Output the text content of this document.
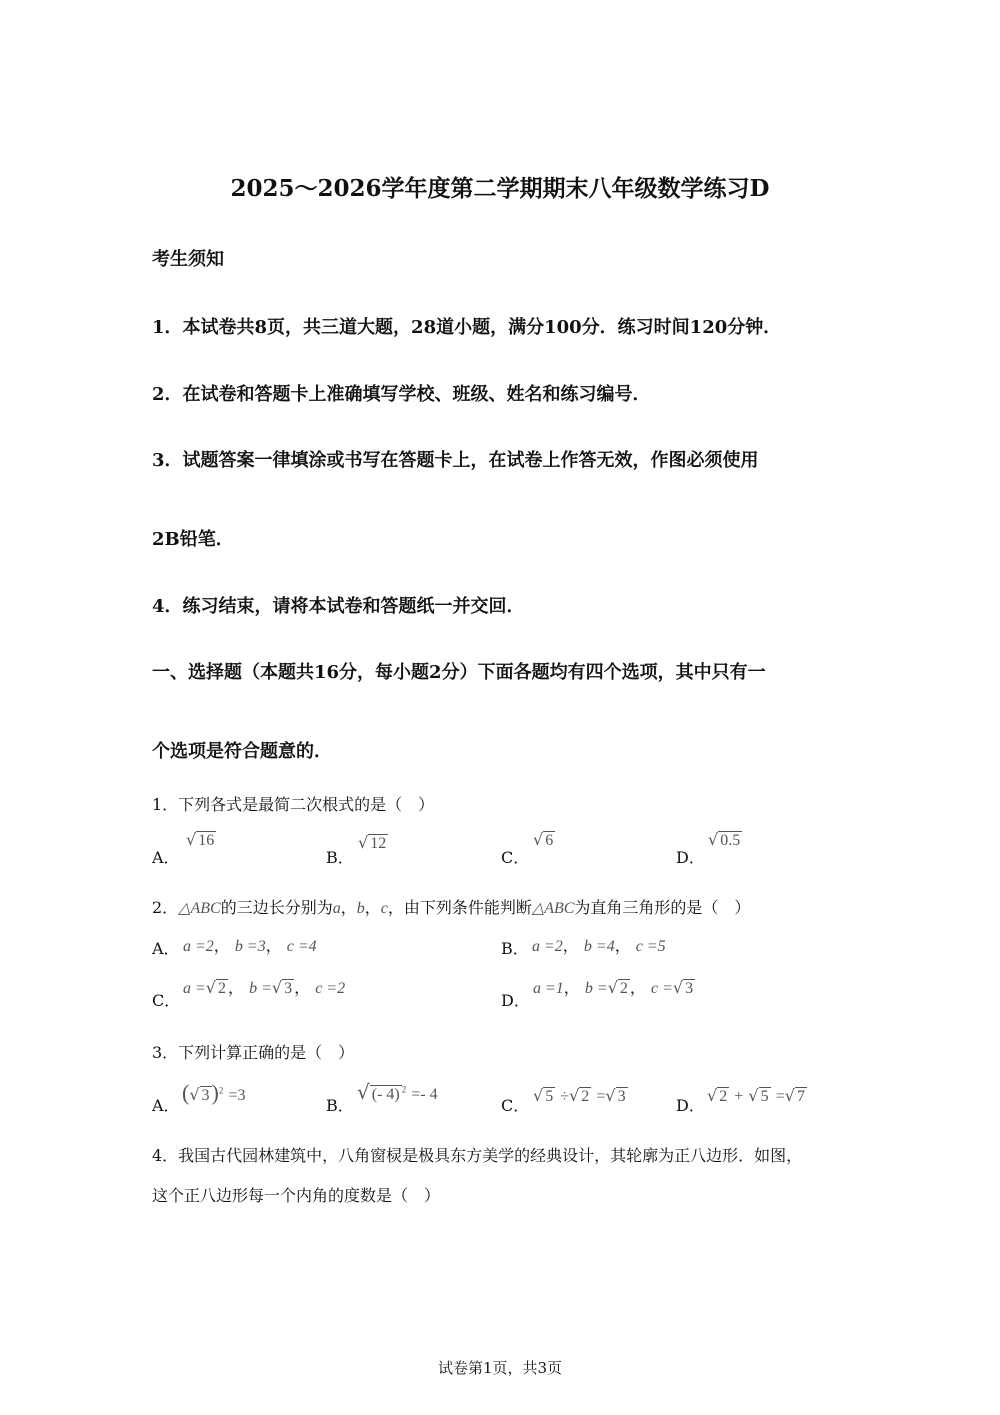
2025～2026学年度第二学期期末八年级数学练习D
考生须知
1．本试卷共8页，共三道大题，28道小题，满分100分．练习时间120分钟．
2．在试卷和答题卡上准确填写学校、班级、姓名和练习编号．
3．试题答案一律填涂或书写在答题卡上，在试卷上作答无效，作图必须使用
2B铅笔．
4．练习结束，请将本试卷和答题纸一并交回．
一、选择题（本题共16分，每小题2分）下面各题均有四个选项，其中只有一
个选项是符合题意的．
1．下列各式是最简二次根式的是（　）
A．
√ 16
B．
√ 12
C．
√ 6
D．
√ 0.5
2．△ABC的三边长分别为a，b，c，由下列条件能判断△ABC为直角三角形的是（　）
A． a =2， b =3， c =4	B． a =2， b =4， c =5
C．
a =√ 2 ， b =√ 3 ， c =2
D．
a =1， b =√ 2 ， c =√ 3
3．下列计算正确的是（　）
A．
(√ 3)$^2$ =3
B．
√ (- 4) $^2$ =- 4
C．
√ 5 ÷√ 2 =√ 3	D．
√ 2 + √ 5 =√ 7
4．我国古代园林建筑中，八角窗棂是极具东方美学的经典设计，其轮廓为正八边形．如图，
这个正八边形每一个内角的度数是（　）
试卷第1页，共3页
